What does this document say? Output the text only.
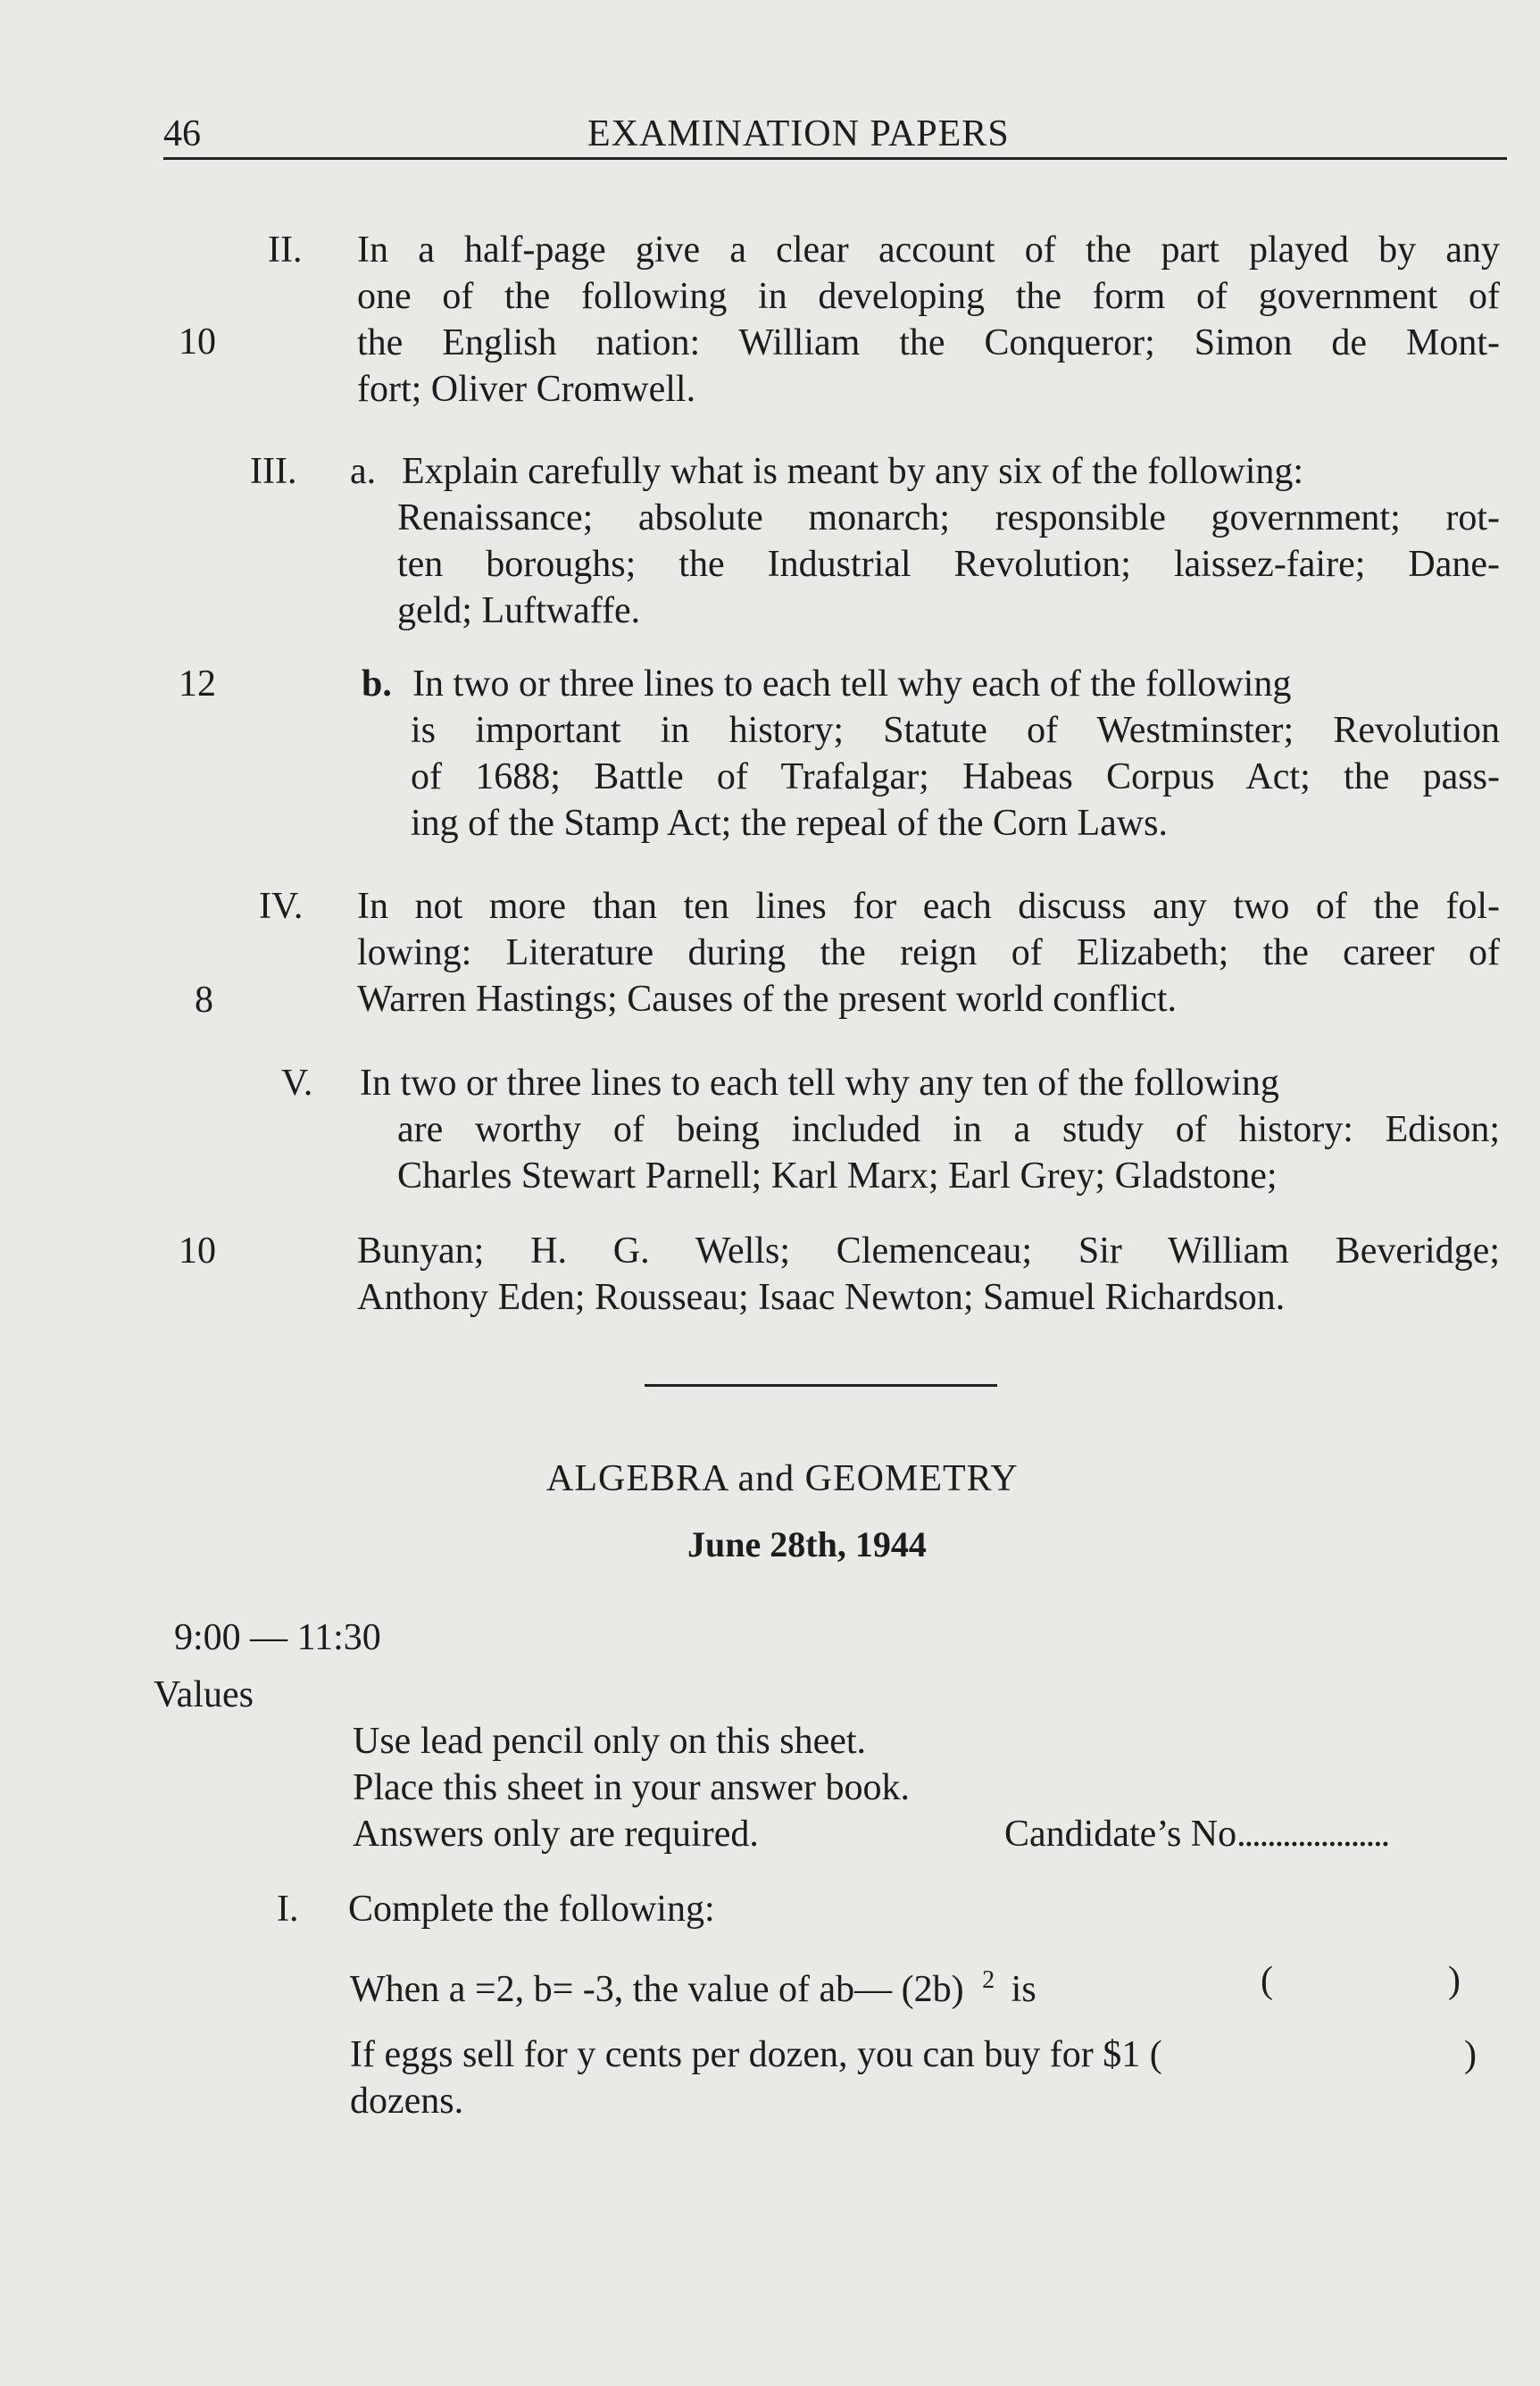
46	EXAMINATION PAPERS
II.
10
In a half-page give a clear account of the part played by any
one of the following in developing the form of government of
the English nation: William the Conqueror; Simon de Mont-
fort; Oliver Cromwell.
III. a. Explain carefully what is meant by any six of the following:
Renaissance; absolute monarch; responsible government; rot-
ten boroughs; the Industrial Revolution; laissez-faire; Dane-
geld; Luftwaffe.
12	b. In two or three lines to each tell why each of the following
is important in history; Statute of Westminster; Revolution
of 1688; Battle of Trafalgar; Habeas Corpus Act; the pass-
ing of the Stamp Act; the repeal of the Corn Laws.
IV.
8
In not more than ten lines for each discuss any two of the fol-
lowing: Literature during the reign of Elizabeth; the career of
Warren Hastings; Causes of the present world conflict.
V. In two or three lines to each tell why any ten of the following
are worthy of being included in a study of history: Edison;
Charles Stewart Parnell; Karl Marx; Earl Grey; Gladstone;
10	Bunyan; H. G. Wells; Clemenceau; Sir William Beveridge;
Anthony Eden; Rousseau; Isaac Newton; Samuel Richardson.
ALGEBRA and GEOMETRY
June 28th, 1944
9:00 — 11:30
Values
Use lead pencil only on this sheet.
Place this sheet in your answer book.
Answers only are required.	Candidate’s No....................
I. Complete the following:
When a =2, b= -3, the value of ab— (2b) $^2$ is	(	)
If eggs sell for y cents per dozen, you can buy for $1 (	)
dozens.
